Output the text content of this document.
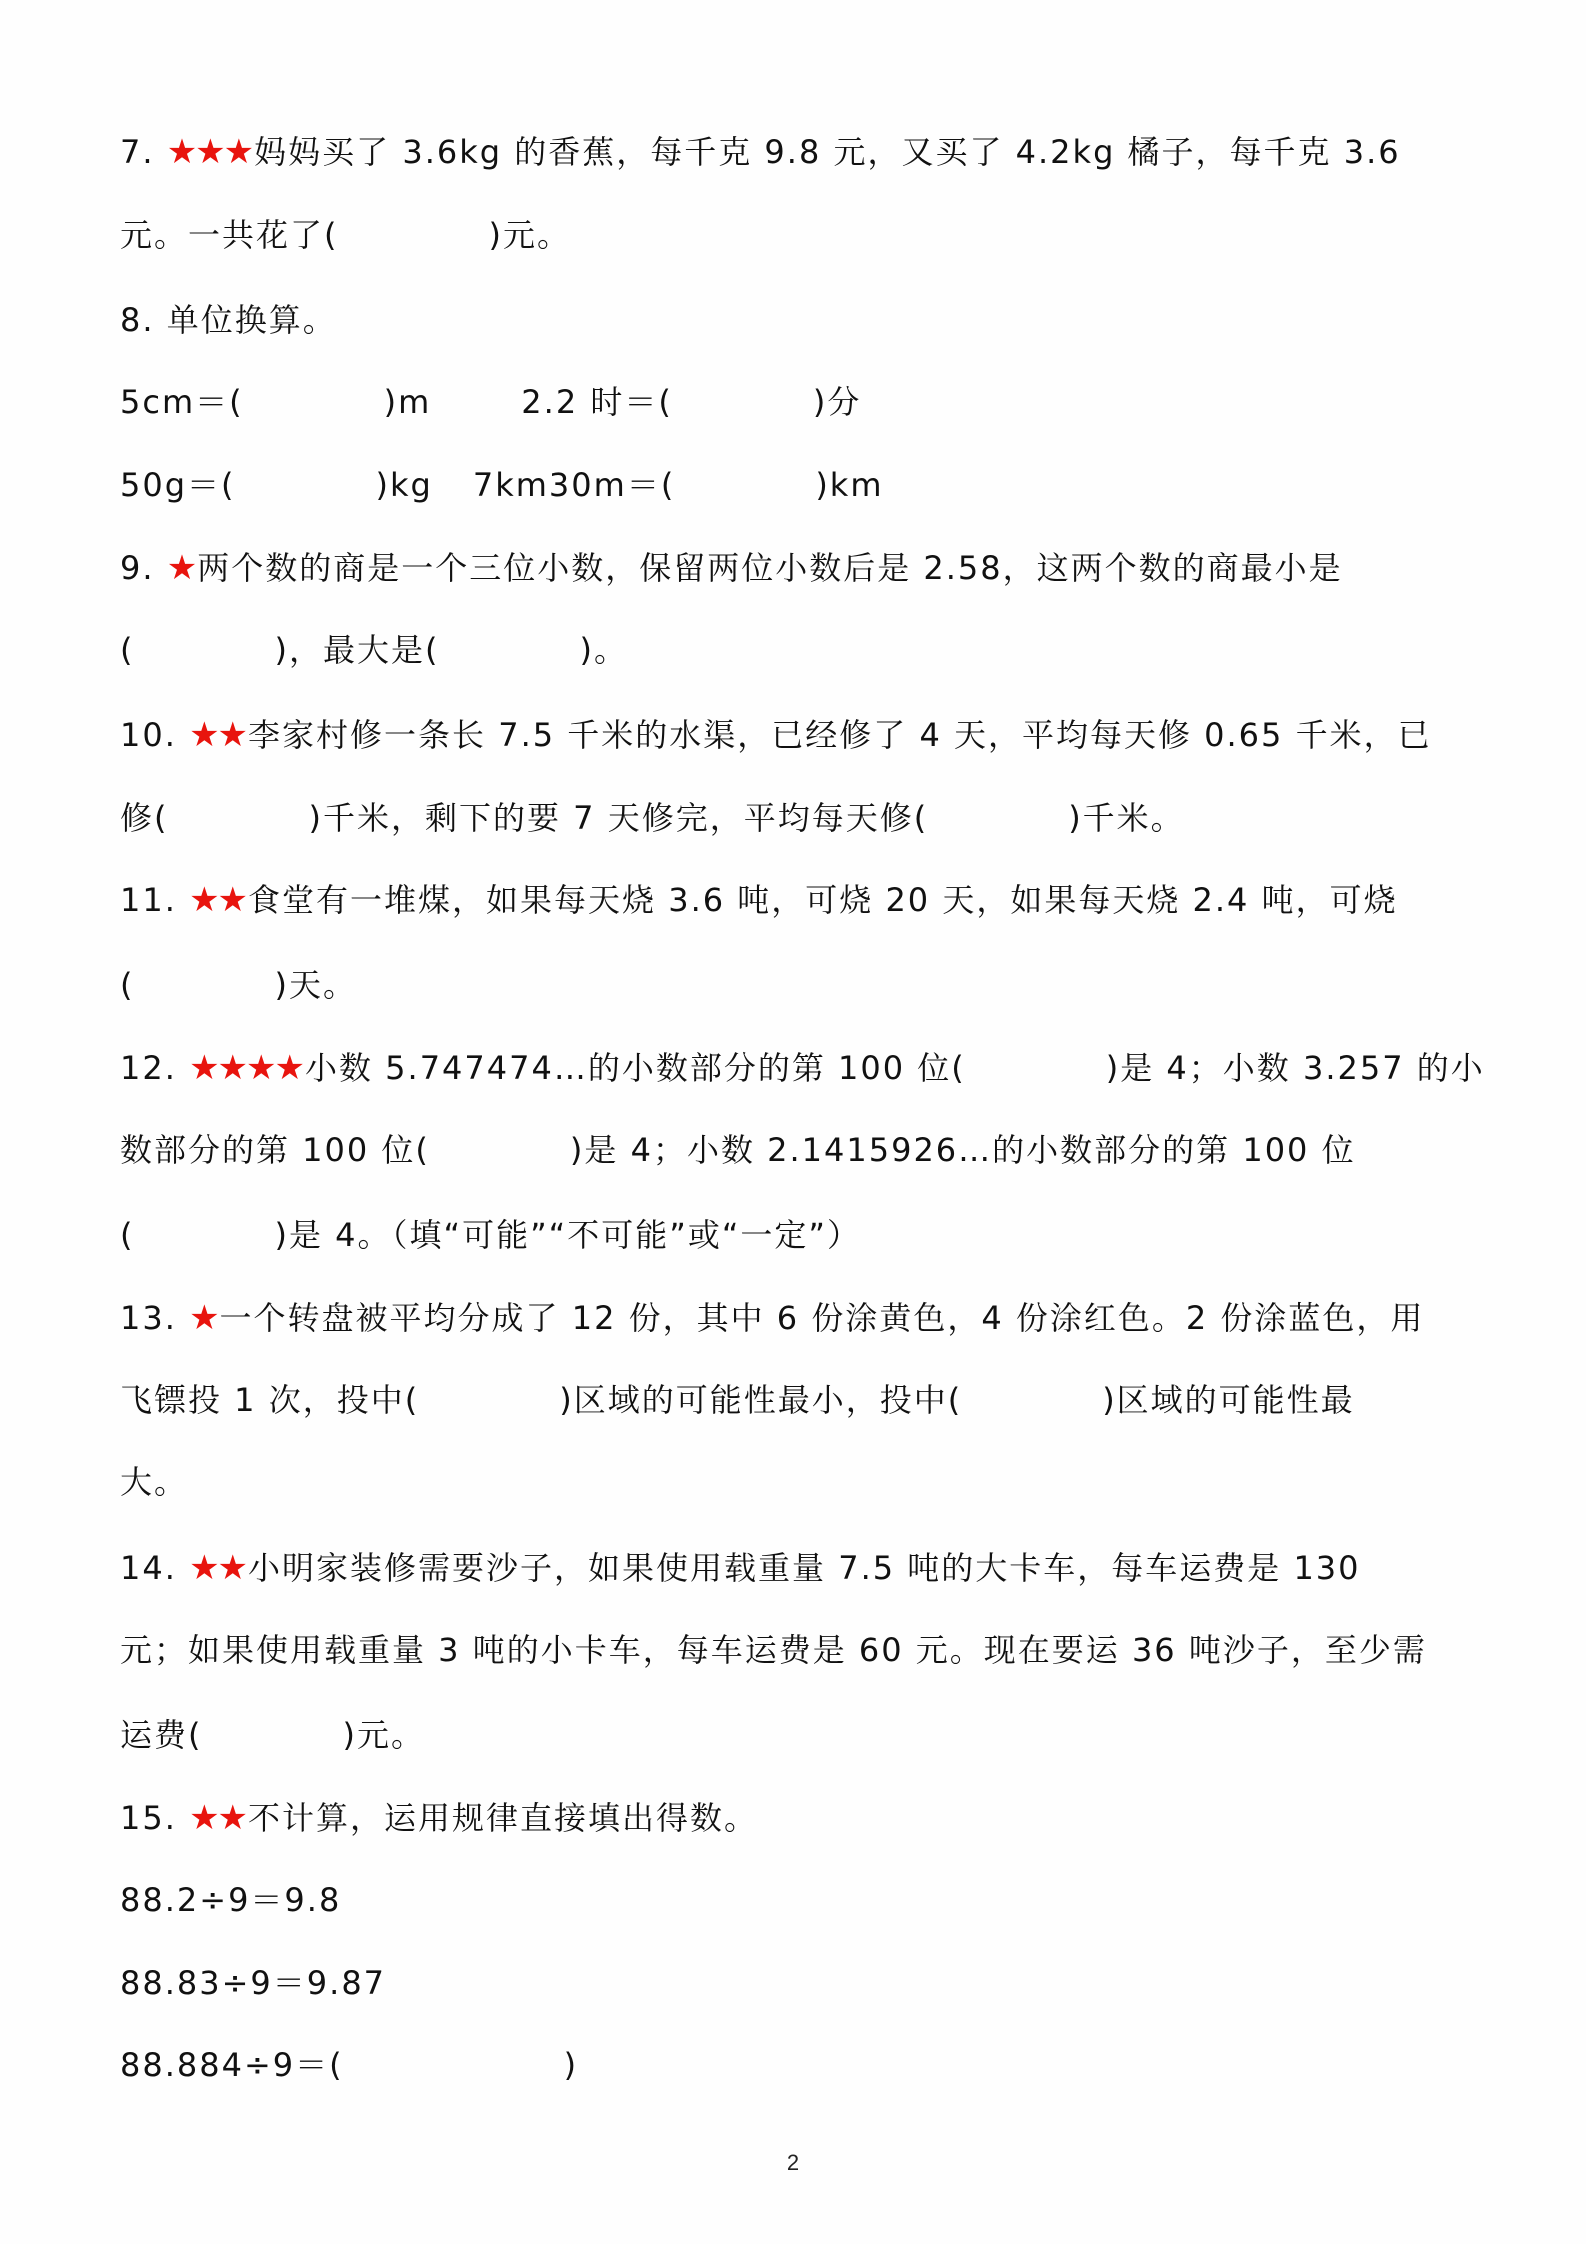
7. ★★★妈妈买了 3.6kg 的香蕉，每千克 9.8 元，又买了 4.2kg 橘子，每千克 3.6
元。一共花了(	)元。
8. 单位换算。
5cm＝(	)m	2.2 时＝(	)分
50g＝(	)kg 7km30m＝(	)km
9. ★两个数的商是一个三位小数，保留两位小数后是 2.58，这两个数的商最小是
(	)，最大是(	)。
10. ★★李家村修一条长 7.5 千米的水渠，已经修了 4 天，平均每天修 0.65 千米，已
修(	)千米，剩下的要 7 天修完，平均每天修(	)千米。
11. ★★食堂有一堆煤，如果每天烧 3.6 吨，可烧 20 天，如果每天烧 2.4 吨，可烧
(	)天。
12. ★★★★小数 5.747474…的小数部分的第 100 位(	)是 4；小数 3.257 的小
数部分的第 100 位(	)是 4；小数 2.1415926…的小数部分的第 100 位
(	)是 4。（填“可能”“不可能”或“一定”）
13. ★一个转盘被平均分成了 12 份，其中 6 份涂黄色，4 份涂红色。2 份涂蓝色，用
飞镖投 1 次，投中(	)区域的可能性最小，投中(	)区域的可能性最
大。
14. ★★小明家装修需要沙子，如果使用载重量 7.5 吨的大卡车，每车运费是 130
元；如果使用载重量 3 吨的小卡车，每车运费是 60 元。现在要运 36 吨沙子，至少需
运费(	)元。
15. ★★不计算，运用规律直接填出得数。
88.2÷9＝9.8
88.83÷9＝9.87
88.884÷9＝(	)
2
